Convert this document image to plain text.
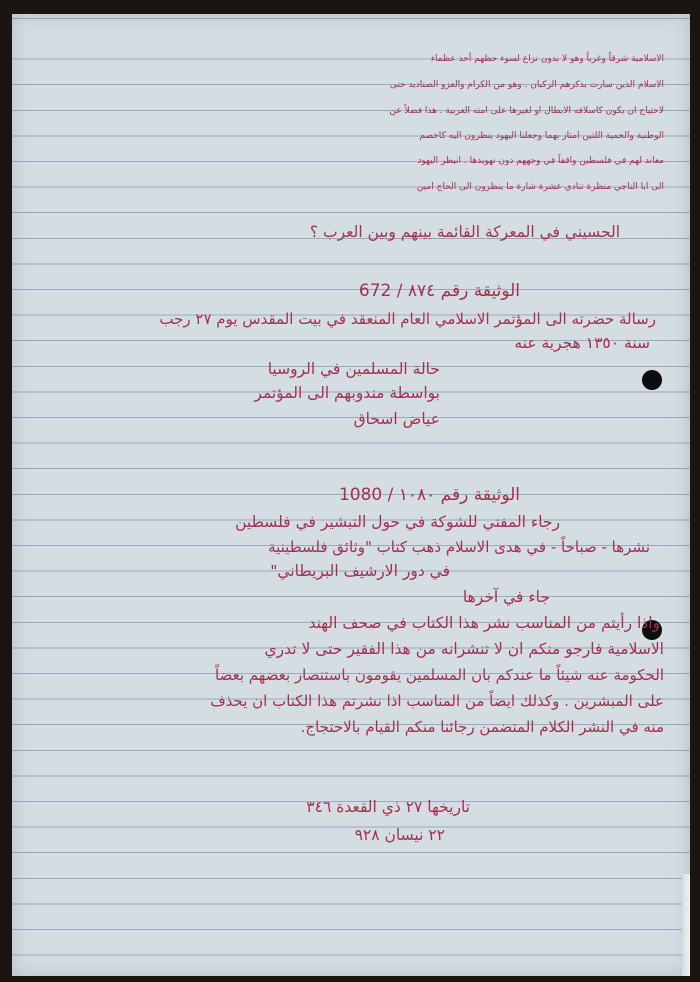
الاسلامية شرقاً وغرباً وهو لا بدون نزاع لسوء حظهم أحد عظماء
الاسلام الذين سارت بذكرهم الركبان . وهو من الكرام والعزو الصناديد حتى
لاحتياج ان يكون كاسلافه الابطال او لغيرها على امته العربية . هذا فضلاً عن
الوطنية والحمية اللتين امتاز بهما وجعلتا اليهود ينظرون اليه كاخصم
معاند لهم في فلسطين واقفاً في وجههم دون تهويدها . انيظر اليهود
الى ابا الناجي منظرة تنادي عشرة شارة ما ينظرون الى الحاج امين
الحسيني في المعركة القائمة بينهم وبين العرب ؟
الوثيقة رقم ٨٧٤ / 672
رسالة حضرته الى المؤتمر الاسلامي العام المنعقد في بيت المقدس يوم ٢٧ رجب
سنة ١٣٥٠ هجرية عنه
حالة المسلمين في الروسيا
بواسطة مندوبهم الى المؤتمر
عياض اسحاق
الوثيقة رقم ١٠٨٠ / 1080
رجاء المفتي للشوكة في حول التبشير في فلسطين
نشرها - صباحاً - في هدى الاسلام ذهب كتاب "وثائق فلسطينية
في دور الارشيف البريطاني"
جاء في آخرها
واذا رأيتم من المناسب نشر هذا الكتاب في صحف الهند
الاسلامية فارجو منكم ان لا تنشرانه من هذا الفقير حتى لا تدري
الحكومة عنه شيئاً ما عندكم بان المسلمين يقومون باستنصار بعضهم بعضاً
على المبشرين . وكذلك ايضاً من المناسب اذا نشرتم هذا الكتاب ان يحذف
منه في النشر الكلام المتضمن رجائنا منكم القيام بالاحتجاج.
تاريخها ٢٧ ذي القعدة ٣٤٦
٢٢ نيسان ٩٢٨
